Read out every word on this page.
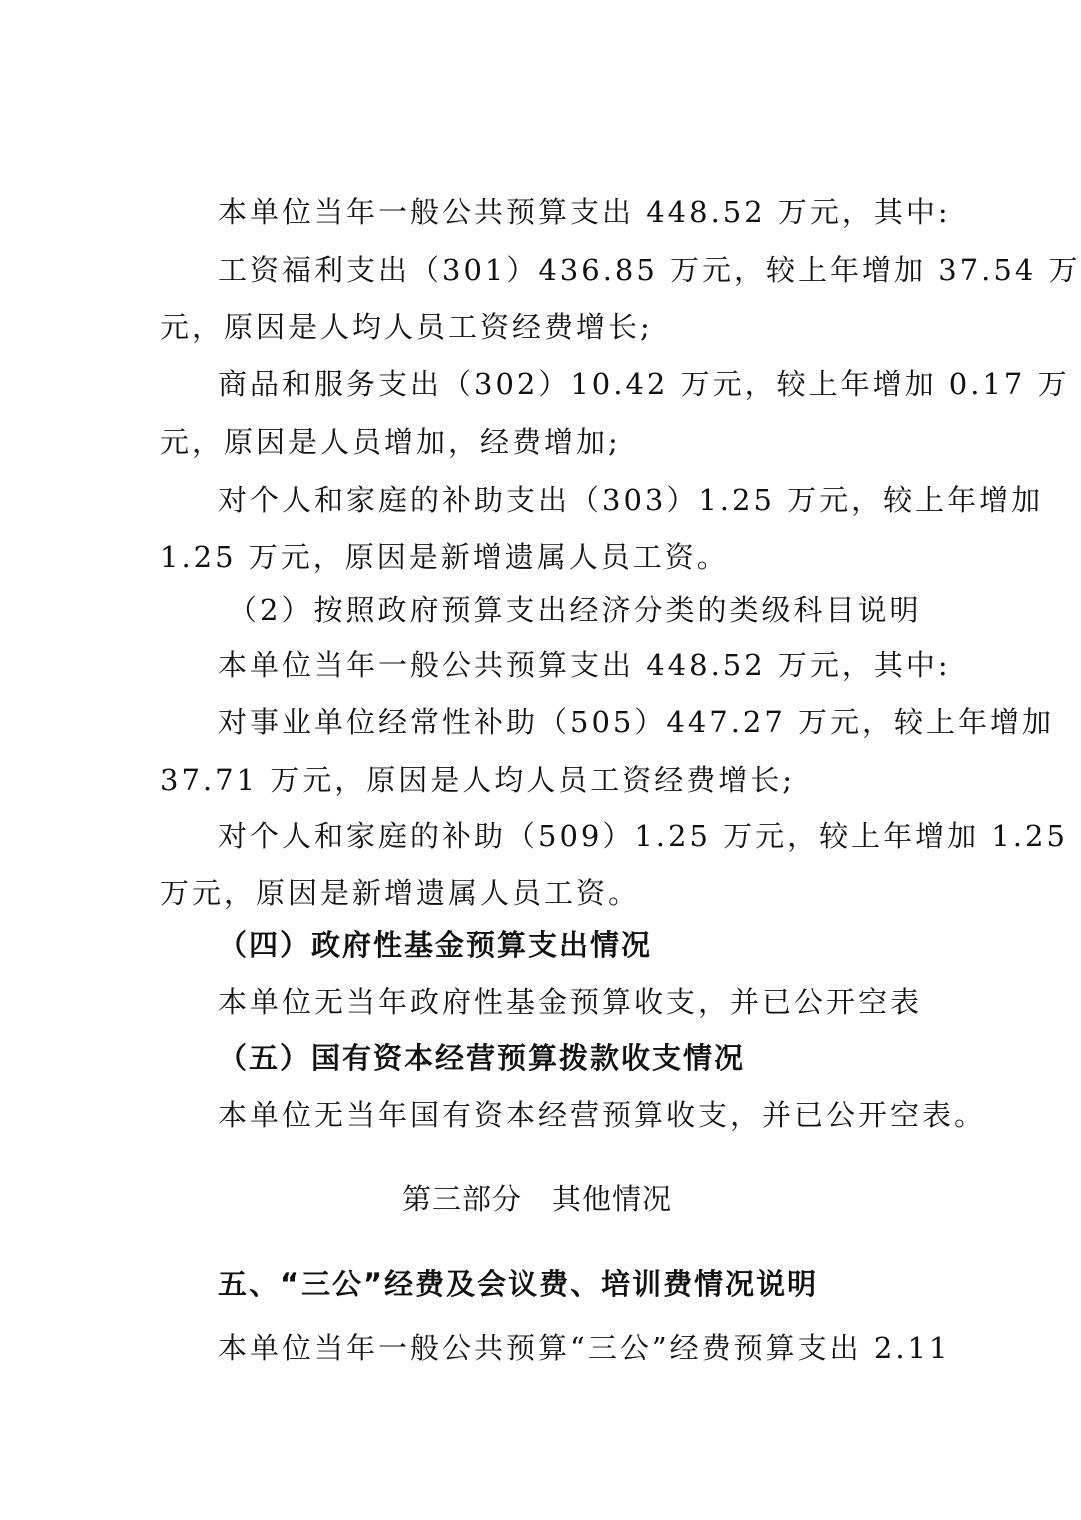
本单位当年一般公共预算支出 448.52 万元，其中:
工资福利支出（301）436.85 万元，较上年增加 37.54 万
元，原因是人均人员工资经费增长;
商品和服务支出（302）10.42 万元，较上年增加 0.17 万
元，原因是人员增加，经费增加;
对个人和家庭的补助支出（303）1.25 万元，较上年增加
1.25 万元，原因是新增遗属人员工资。
（2）按照政府预算支出经济分类的类级科目说明
本单位当年一般公共预算支出 448.52 万元，其中:
对事业单位经常性补助（505）447.27 万元，较上年增加
37.71 万元，原因是人均人员工资经费增长;
对个人和家庭的补助（509）1.25 万元，较上年增加 1.25
万元，原因是新增遗属人员工资。
（四）政府性基金预算支出情况
本单位无当年政府性基金预算收支，并已公开空表
（五）国有资本经营预算拨款收支情况
本单位无当年国有资本经营预算收支，并已公开空表。
第三部分　其他情况
五、“三公”经费及会议费、培训费情况说明
本单位当年一般公共预算“三公”经费预算支出 2.11
